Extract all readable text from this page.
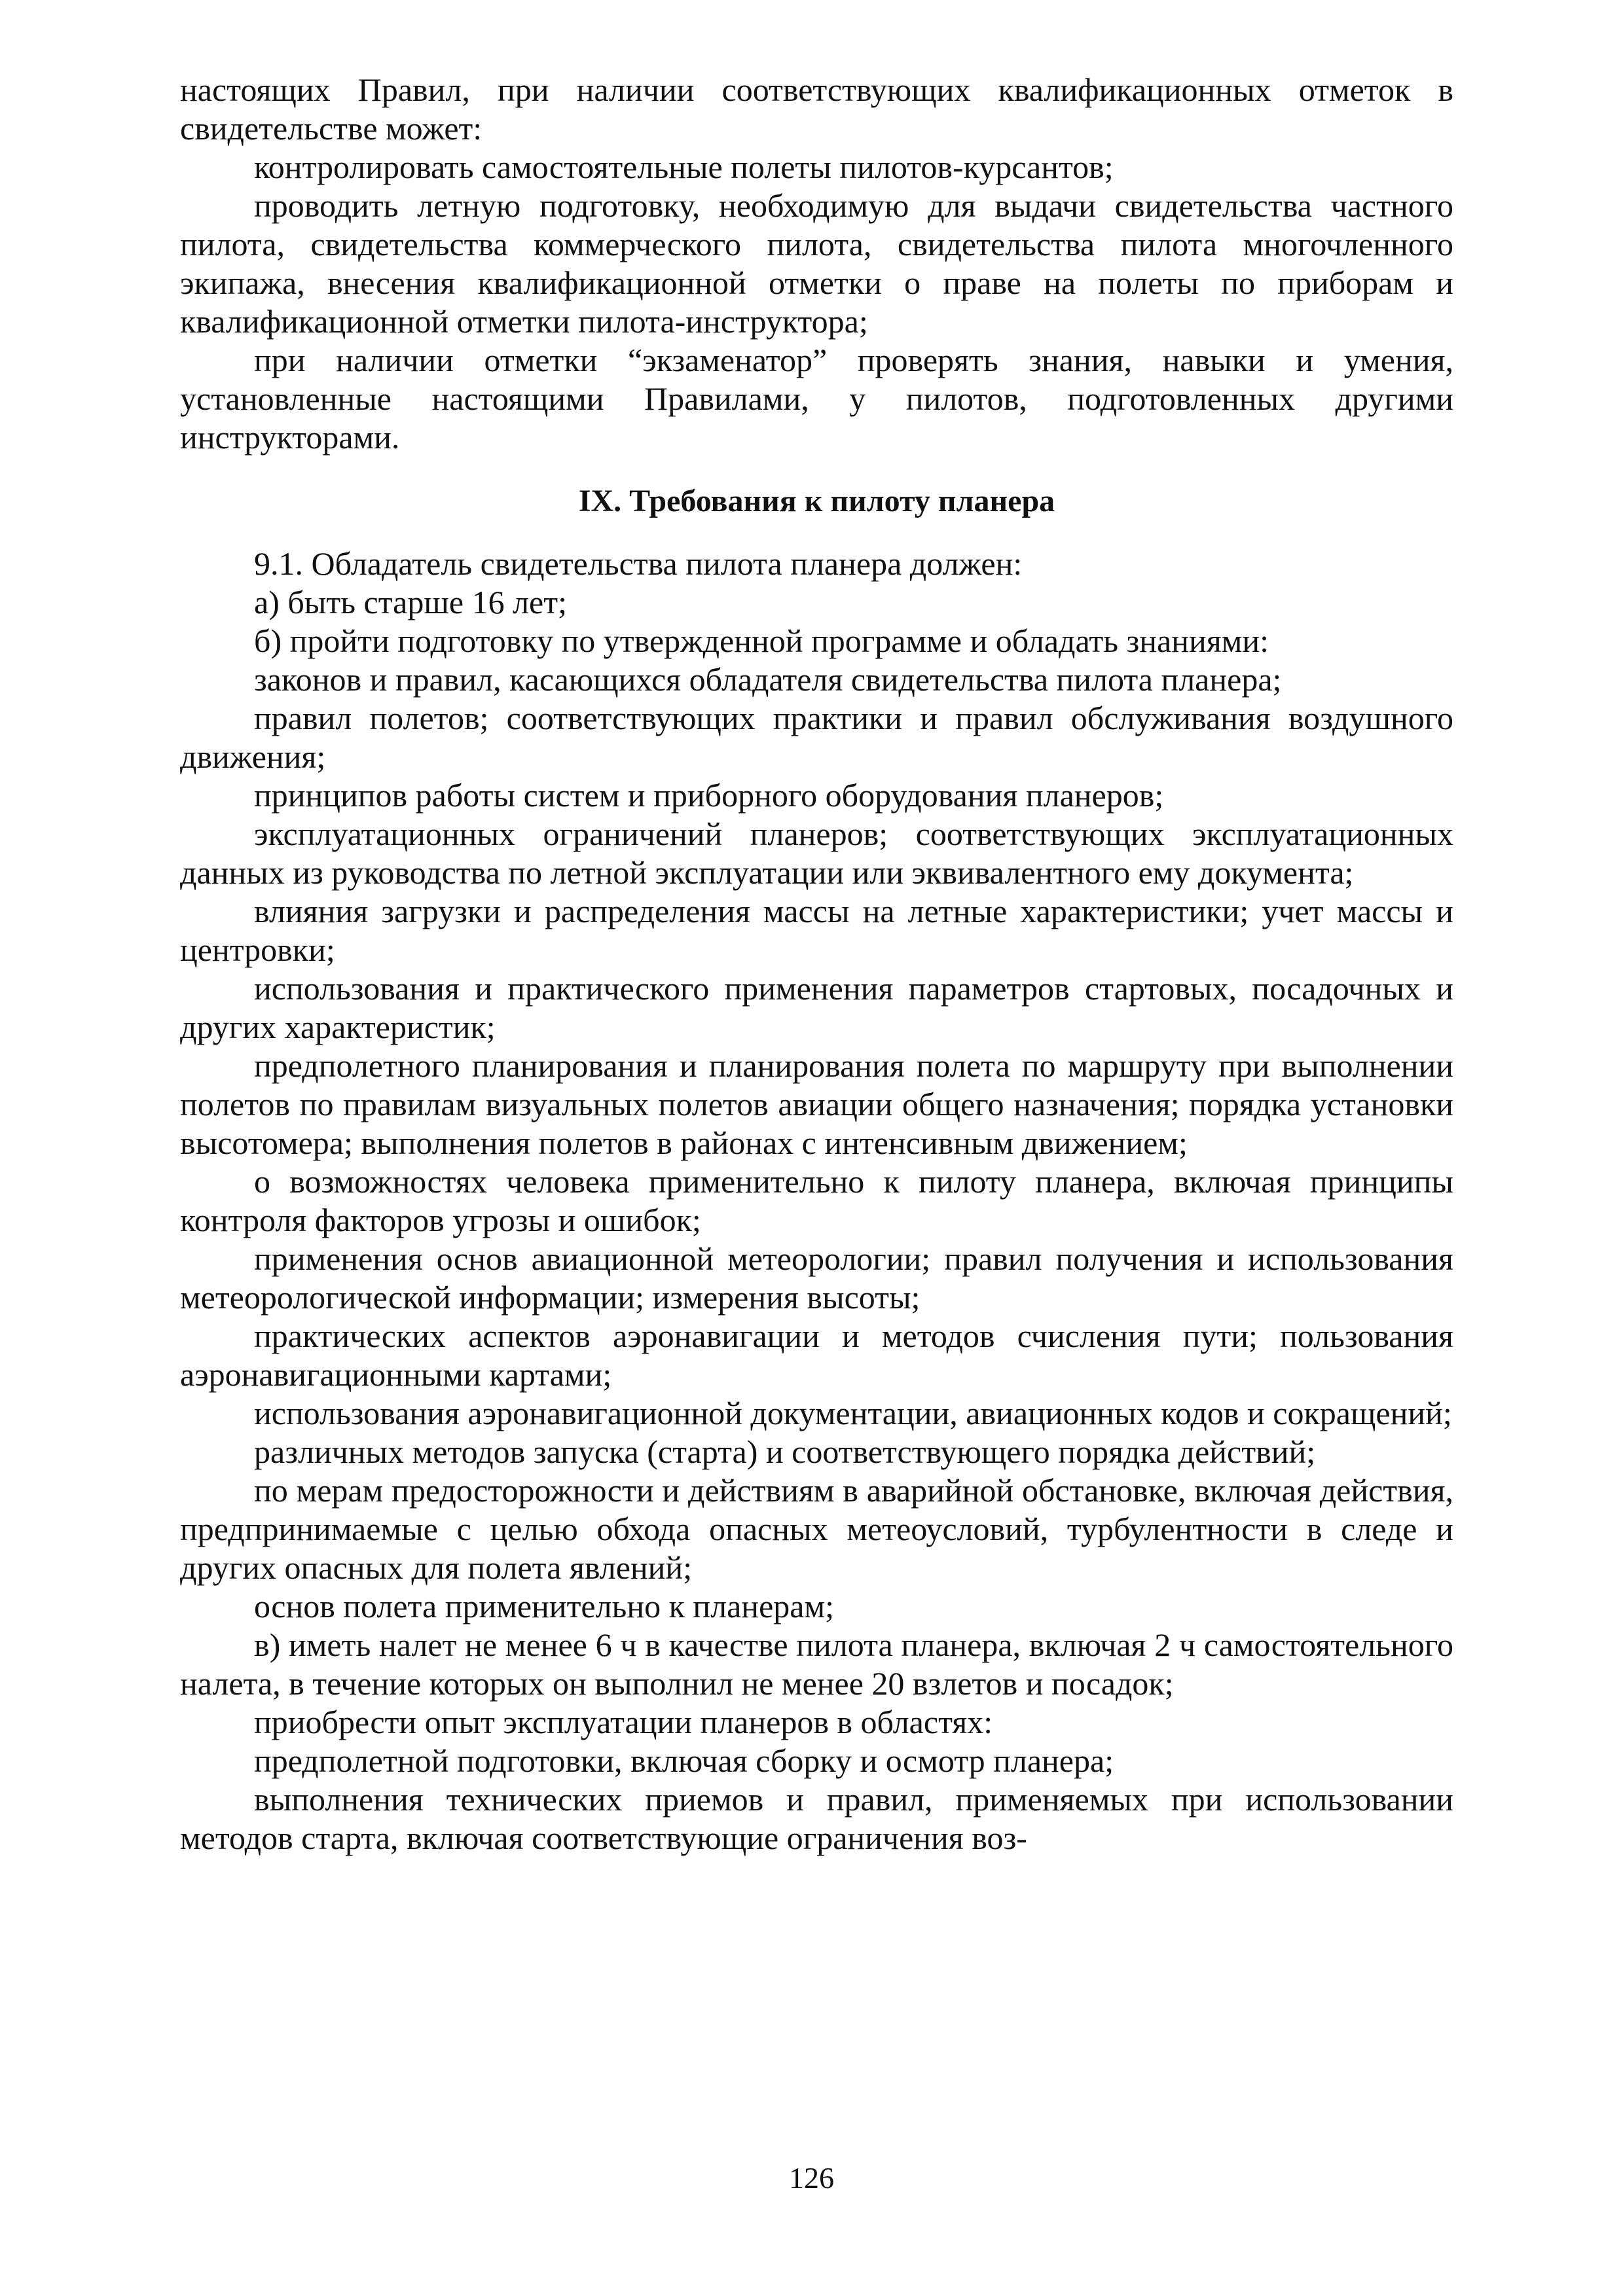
настоящих Правил, при наличии соответствующих квалификационных отметок в свидетельстве может:

контролировать самостоятельные полеты пилотов-курсантов;

проводить летную подготовку, необходимую для выдачи свидетельства частного пилота, свидетельства коммерческого пилота, свидетельства пилота многочленного экипажа, внесения квалификационной отметки о праве на полеты по приборам и квалификационной отметки пилота-инструктора;

при наличии отметки “экзаменатор” проверять знания, навыки и умения, установленные настоящими Правилами, у пилотов, подготовленных другими инструкторами.

IX. Требования к пилоту планера

9.1. Обладатель свидетельства пилота планера должен:

а) быть старше 16 лет;

б) пройти подготовку по утвержденной программе и обладать знаниями:

законов и правил, касающихся обладателя свидетельства пилота планера;

правил полетов; соответствующих практики и правил обслуживания воздушного движения;

принципов работы систем и приборного оборудования планеров;

эксплуатационных ограничений планеров; соответствующих эксплуатационных данных из руководства по летной эксплуатации или эквивалентного ему документа;

влияния загрузки и распределения массы на летные характеристики; учет массы и центровки;

использования и практического применения параметров стартовых, посадочных и других характеристик;

предполетного планирования и планирования полета по маршруту при выполнении полетов по правилам визуальных полетов авиации общего назначения; порядка установки высотомера; выполнения полетов в районах с интенсивным движением;

о возможностях человека применительно к пилоту планера, включая принципы контроля факторов угрозы и ошибок;

применения основ авиационной метеорологии; правил получения и использования метеорологической информации; измерения высоты;

практических аспектов аэронавигации и методов счисления пути; пользования аэронавигационными картами;

использования аэронавигационной документации, авиационных кодов и сокращений;

различных методов запуска (старта) и соответствующего порядка действий;

по мерам предосторожности и действиям в аварийной обстановке, включая действия, предпринимаемые с целью обхода опасных метеоусловий, турбулентности в следе и других опасных для полета явлений;

основ полета применительно к планерам;

в) иметь налет не менее 6 ч в качестве пилота планера, включая 2 ч самостоятельного налета, в течение которых он выполнил не менее 20 взлетов и посадок;

приобрести опыт эксплуатации планеров в областях:

предполетной подготовки, включая сборку и осмотр планера;

выполнения технических приемов и правил, применяемых при использовании методов старта, включая соответствующие ограничения воз-

126
